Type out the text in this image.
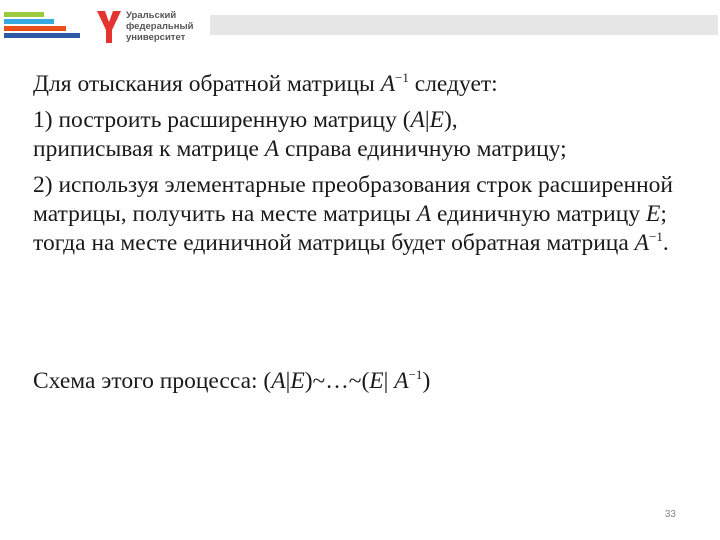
Уральский
федеральный
университет

Для отыскания обратной матрицы $A^{-1}$ следует:

1) построить расширенную матрицу (A|E),
приписывая к матрице A справа единичную матрицу;

2) используя элементарные преобразования строк расширенной матрицы, получить на месте матрицы A единичную матрицу E; тогда на месте единичной матрицы будет обратная матрица $A^{-1}$.

Схема этого процесса: (A|E)~…~(E| $A^{-1}$)
33
